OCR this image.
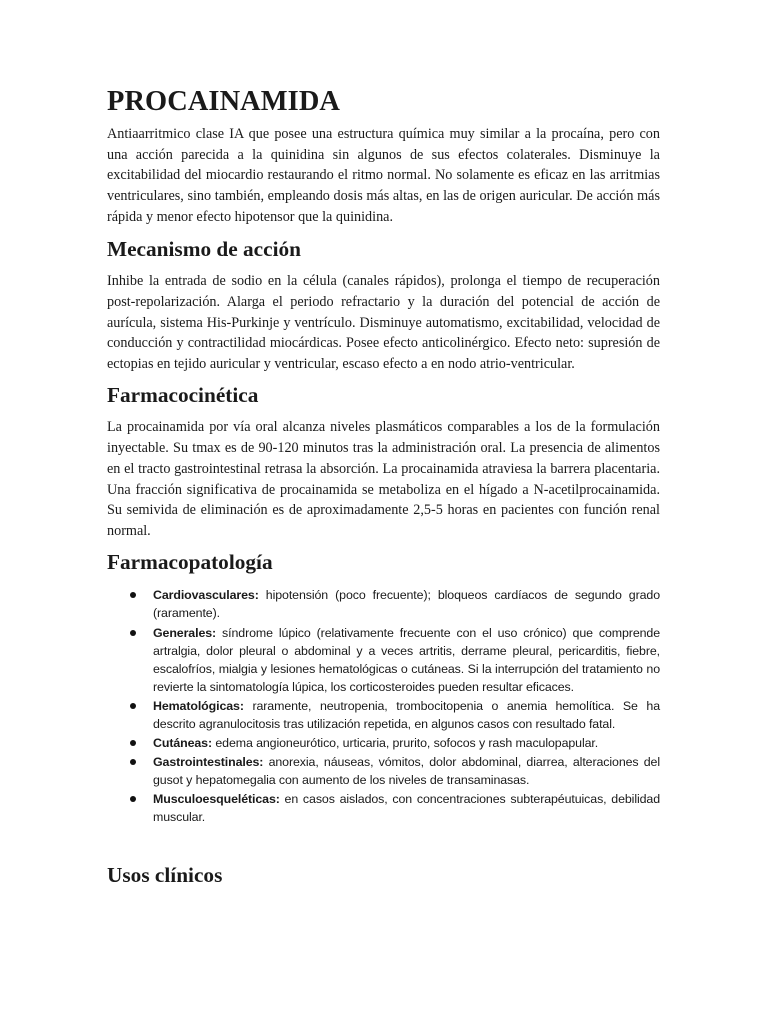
PROCAINAMIDA

Antiaarritmico clase IA que posee una estructura química muy similar a la procaína, pero con una acción parecida a la quinidina sin algunos de sus efectos colaterales. Disminuye la excitabilidad del miocardio restaurando el ritmo normal. No solamente es eficaz en las arritmias ventriculares, sino también, empleando dosis más altas, en las de origen auricular. De acción más rápida y menor efecto hipotensor que la quinidina.

Mecanismo de acción

Inhibe la entrada de sodio en la célula (canales rápidos), prolonga el tiempo de recuperación post-repolarización. Alarga el periodo refractario y la duración del potencial de acción de aurícula, sistema His-Purkinje y ventrículo. Disminuye automatismo, excitabilidad, velocidad de conducción y contractilidad miocárdicas. Posee efecto anticolinérgico. Efecto neto: supresión de ectopias en tejido auricular y ventricular, escaso efecto a en nodo atrio-ventricular.

Farmacocinética

La procainamida por vía oral alcanza niveles plasmáticos comparables a los de la formulación inyectable. Su tmax es de 90-120 minutos tras la administración oral. La presencia de alimentos en el tracto gastrointestinal retrasa la absorción. La procainamida atraviesa la barrera placentaria. Una fracción significativa de procainamida se metaboliza en el hígado a N-acetilprocainamida. Su semivida de eliminación es de aproximadamente 2,5-5 horas en pacientes con función renal normal.

Farmacopatología
Cardiovasculares: hipotensión (poco frecuente); bloqueos cardíacos de segundo grado (raramente).
Generales: síndrome lúpico (relativamente frecuente con el uso crónico) que comprende artralgia, dolor pleural o abdominal y a veces artritis, derrame pleural, pericarditis, fiebre, escalofríos, mialgia y lesiones hematológicas o cutáneas. Si la interrupción del tratamiento no revierte la sintomatología lúpica, los corticosteroides pueden resultar eficaces.
Hematológicas: raramente, neutropenia, trombocitopenia o anemia hemolítica. Se ha descrito agranulocitosis tras utilización repetida, en algunos casos con resultado fatal.
Cutáneas: edema angioneurótico, urticaria, prurito, sofocos y rash maculopapular.
Gastrointestinales: anorexia, náuseas, vómitos, dolor abdominal, diarrea, alteraciones del gusot y hepatomegalia con aumento de los niveles de transaminasas.
Musculoesqueléticas: en casos aislados, con concentraciones subterapéutuicas, debilidad muscular.
Usos clínicos
